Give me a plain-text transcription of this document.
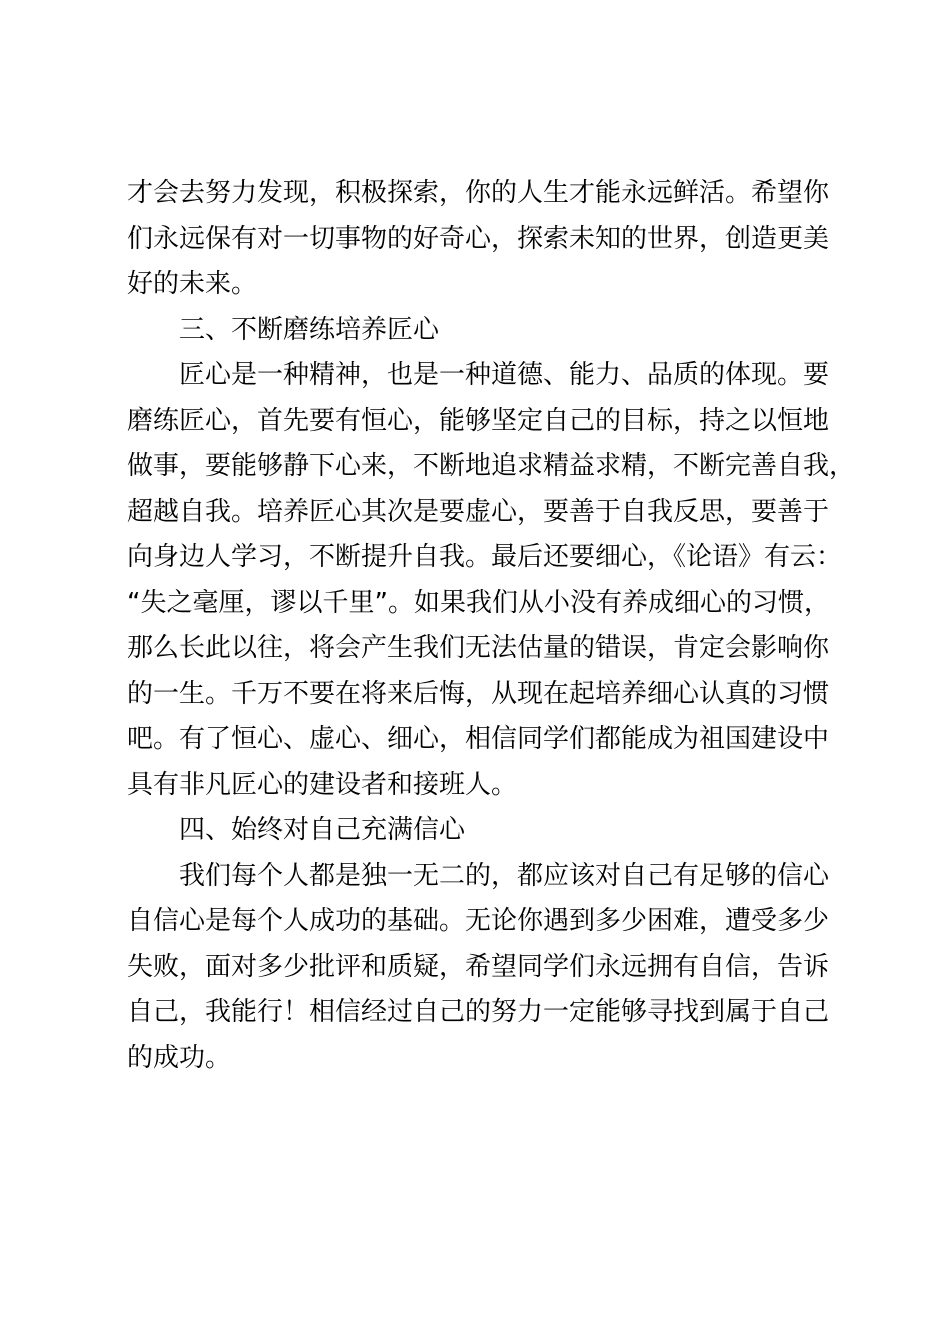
才会去努力发现，积极探索，你的人生才能永远鲜活。希望你
们永远保有对一切事物的好奇心，探索未知的世界，创造更美
好的未来。
三、不断磨练培养匠心
匠心是一种精神，也是一种道德、能力、品质的体现。要
磨练匠心，首先要有恒心，能够坚定自己的目标，持之以恒地
做事，要能够静下心来，不断地追求精益求精，不断完善自我，
超越自我。培养匠心其次是要虚心，要善于自我反思，要善于
向身边人学习，不断提升自我。最后还要细心，《论语》有云：
“失之毫厘，谬以千里”。如果我们从小没有养成细心的习惯，
那么长此以往，将会产生我们无法估量的错误，肯定会影响你
的一生。千万不要在将来后悔，从现在起培养细心认真的习惯
吧。有了恒心、虚心、细心，相信同学们都能成为祖国建设中
具有非凡匠心的建设者和接班人。
四、始终对自己充满信心
我们每个人都是独一无二的，都应该对自己有足够的信心
自信心是每个人成功的基础。无论你遇到多少困难，遭受多少
失败，面对多少批评和质疑，希望同学们永远拥有自信，告诉
自己，我能行！相信经过自己的努力一定能够寻找到属于自己
的成功。
